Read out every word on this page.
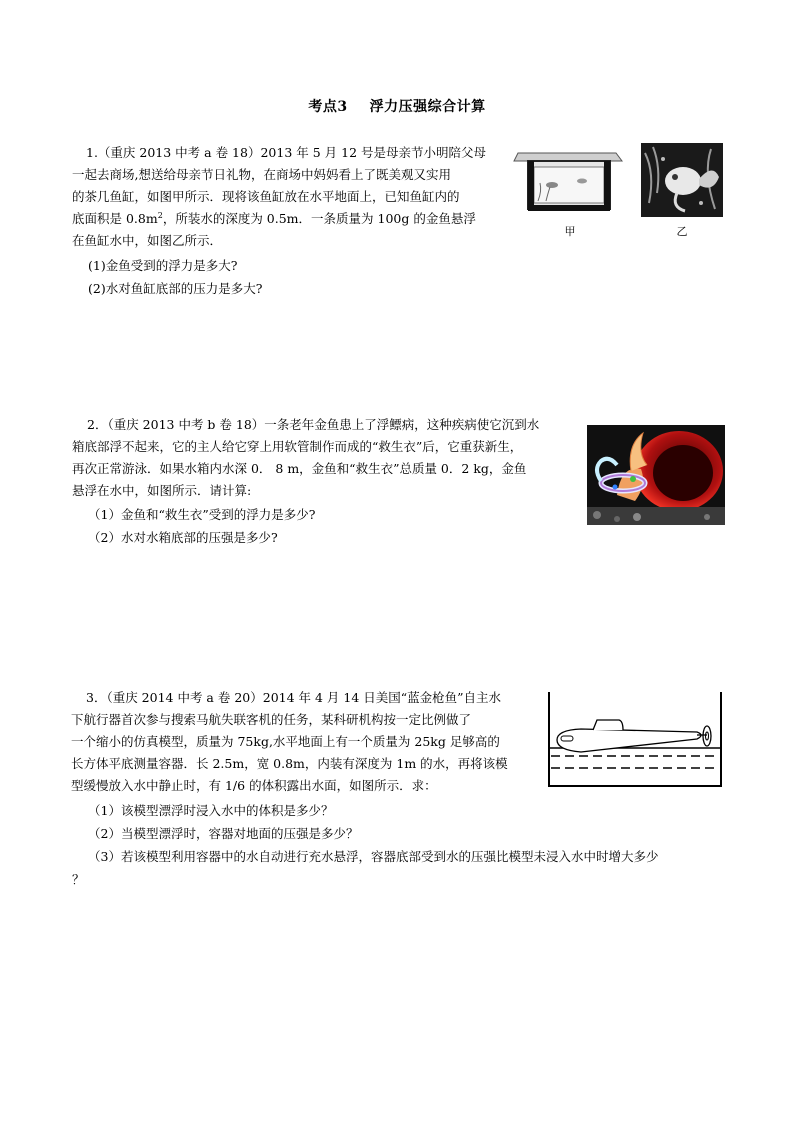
考点3 浮力压强综合计算
1.（重庆 2013 中考 a 卷 18）2013 年 5 月 12 号是母亲节小明陪父母
一起去商场,想送给母亲节日礼物，在商场中妈妈看上了既美观又实用
的茶几鱼缸，如图甲所示．现将该鱼缸放在水平地面上，已知鱼缸内的
底面积是 $0.8m^2$，所装水的深度为 0.5m．一条质量为 100g 的金鱼悬浮
在鱼缸水中，如图乙所示．
(1)金鱼受到的浮力是多大?
(2)水对鱼缸底部的压力是多大?
甲	乙
2．（重庆 2013 中考 b 卷 18）一条老年金鱼患上了浮鳔病，这种疾病使它沉到水
箱底部浮不起来，它的主人给它穿上用软管制作而成的“救生衣”后，它重获新生，
再次正常游泳．如果水箱内水深 0． 8 m，金鱼和“救生衣”总质量 0．2 kg，金鱼
悬浮在水中，如图所示．请计算:
（1）金鱼和“救生衣”受到的浮力是多少?
（2）水对水箱底部的压强是多少?
3．（重庆 2014 中考 a 卷 20）2014 年 4 月 14 日美国“蓝金枪鱼”自主水
下航行器首次参与搜索马航失联客机的任务，某科研机构按一定比例做了
一个缩小的仿真模型，质量为 75kg,水平地面上有一个质量为 25kg 足够高的
长方体平底测量容器．长 2.5m，宽 0.8m，内装有深度为 1m 的水，再将该模
型缓慢放入水中静止时，有 1/6 的体积露出水面，如图所示．求：
（1）该模型漂浮时浸入水中的体积是多少？
（2）当模型漂浮时，容器对地面的压强是多少？
（3）若该模型利用容器中的水自动进行充水悬浮，容器底部受到水的压强比模型未浸入水中时增大多少
？
